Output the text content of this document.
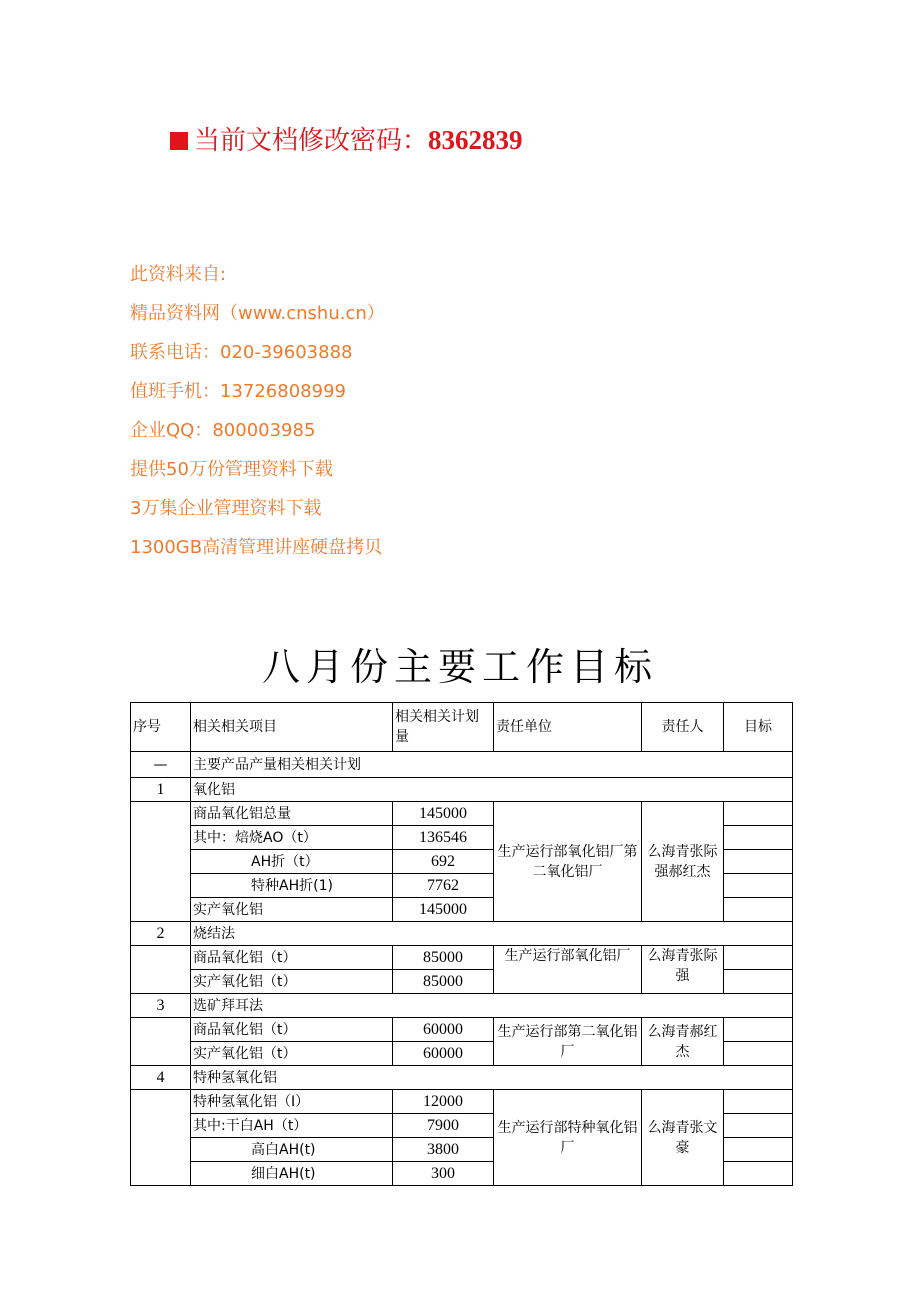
当前文档修改密码：8362839
此资料来自:
精品资料网（www.cnshu.cn）
联系电话：020-39603888
值班手机：13726808999
企业QQ：800003985
提供50万份管理资料下载
3万集企业管理资料下载
1300GB高清管理讲座硬盘拷贝
八月份主要工作目标
序号	相关相关项目	相关相关计划量	责任单位	责任人	目标
—	主要产品产量相关相关计划				
1	氧化铝				
	商品氧化铝总量	145000	生产运行部氧化铝厂第二氧化铝厂	么海青张际强郝红杰	
	其中：焙烧AO（t）	136546			
	AH折（t）	692			
	特种AH折(1)	7762			
	实产氧化铝	145000			
2	烧结法				
	商品氧化铝（t）	85000	生产运行部氧化铝厂	么海青张际强	
	实产氧化铝（t）	85000			
3	选矿拜耳法				
	商品氧化铝（t）	60000	生产运行部第二氧化铝厂	么海青郝红杰	
	实产氧化铝（t）	60000			
4	特种氢氧化铝				
	特种氢氧化铝（I）	12000	生产运行部特种氧化铝厂	么海青张文豪	
	其中:干白AH（t）	7900			
	高白AH(t)	3800			
	细白AH(t)	300			
